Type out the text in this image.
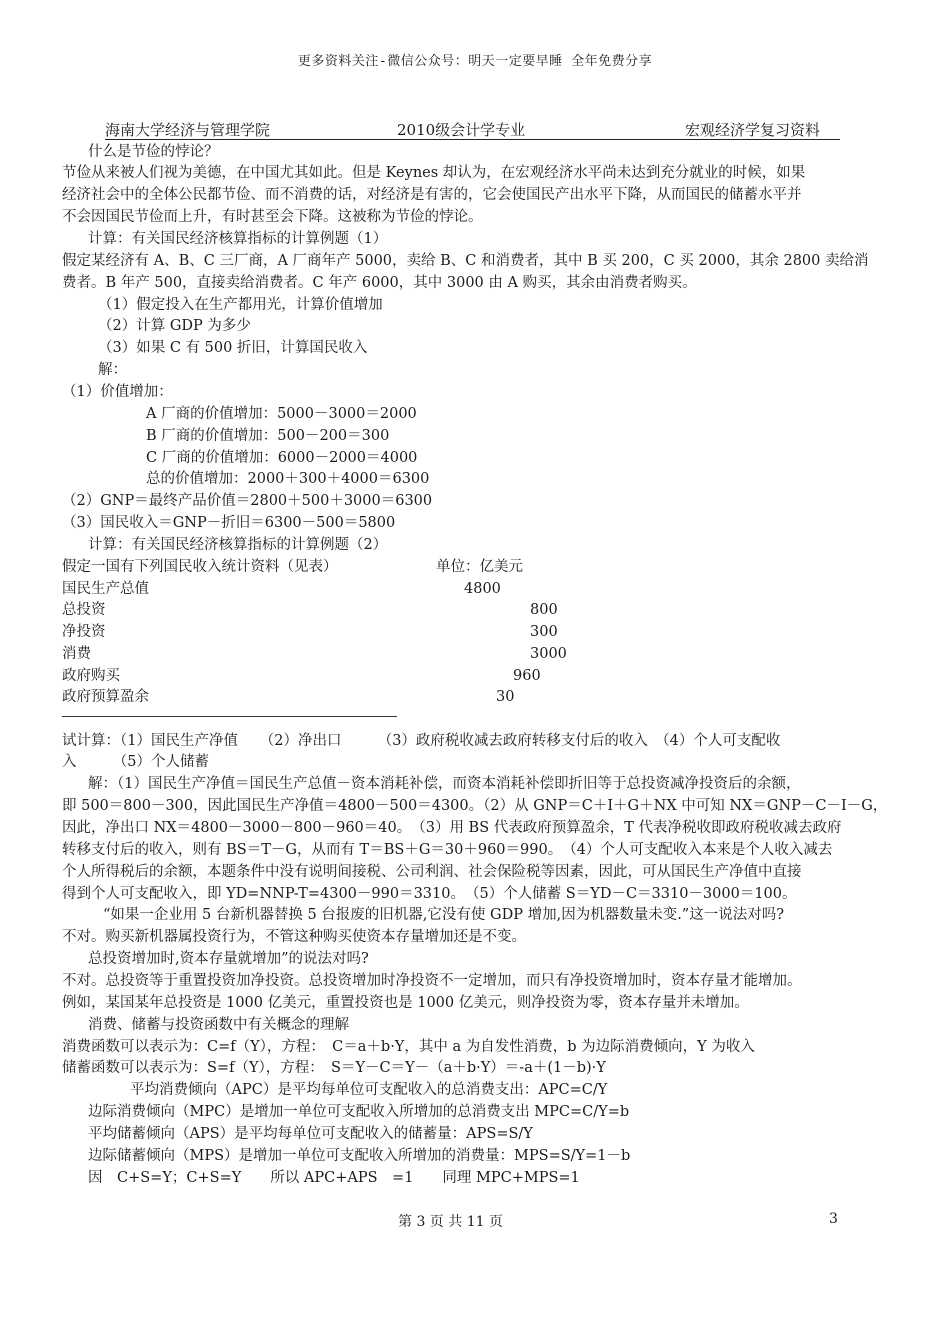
更多资料关注-微信公众号：明天一定要早睡 全年免费分享
海南大学经济与管理学院	2010级会计学专业	宏观经济学复习资料
什么是节俭的悖论？
节俭从来被人们视为美德，在中国尤其如此。但是 Keynes 却认为，在宏观经济水平尚未达到充分就业的时候，如果
经济社会中的全体公民都节俭、而不消费的话，对经济是有害的，它会使国民产出水平下降，从而国民的储蓄水平并
不会因国民节俭而上升，有时甚至会下降。这被称为节俭的悖论。
计算：有关国民经济核算指标的计算例题（1）
假定某经济有 A、B、C 三厂商，A 厂商年产 5000，卖给 B、C 和消费者，其中 B 买 200，C 买 2000，其余 2800 卖给消
费者。B 年产 500，直接卖给消费者。C 年产 6000，其中 3000 由 A 购买，其余由消费者购买。
（1）假定投入在生产都用光，计算价值增加
（2）计算 GDP 为多少
（3）如果 C 有 500 折旧，计算国民收入
解：
（1）价值增加：
A 厂商的价值增加：5000－3000＝2000
B 厂商的价值增加：500－200＝300
C 厂商的价值增加：6000－2000＝4000
总的价值增加：2000＋300＋4000＝6300
（2）GNP＝最终产品价值＝2800＋500＋3000＝6300
（3）国民收入＝GNP－折旧＝6300－500＝5800
计算：有关国民经济核算指标的计算例题（2）
假定一国有下列国民收入统计资料（见表）	单位：亿美元
国民生产总值	4800
总投资	800
净投资	300
消费	3000
政府购买	960
政府预算盈余	30
试计算：（1）国民生产净值　　（2）净出口　　　（3）政府税收减去政府转移支付后的收入　（4）个人可支配收
入　　　（5）个人储蓄
解：（1）国民生产净值＝国民生产总值－资本消耗补偿，而资本消耗补偿即折旧等于总投资减净投资后的余额，
即 500＝800－300，因此国民生产净值＝4800－500＝4300。（2）从 GNP＝C＋I＋G＋NX 中可知 NX＝GNP－C－I－G，
因此，净出口 NX＝4800－3000－800－960＝40。　（3）用 BS 代表政府预算盈余，T 代表净税收即政府税收减去政府
转移支付后的收入，则有 BS＝T－G，从而有 T＝BS＋G＝30＋960＝990。　（4）个人可支配收入本来是个人收入减去
个人所得税后的余额，本题条件中没有说明间接税、公司利润、社会保险税等因素，因此，可从国民生产净值中直接
得到个人可支配收入，即 YD=NNP-T=4300－990＝3310。　（5）个人储蓄 S＝YD－C＝3310－3000＝100。
“如果一企业用 5 台新机器替换 5 台报废的旧机器,它没有使 GDP 增加,因为机器数量未变.”这一说法对吗?
不对。购买新机器属投资行为，不管这种购买使资本存量增加还是不变。
总投资增加时,资本存量就增加”的说法对吗?
不对。总投资等于重置投资加净投资。总投资增加时净投资不一定增加，而只有净投资增加时，资本存量才能增加。
例如，某国某年总投资是 1000 亿美元，重置投资也是 1000 亿美元，则净投资为零，资本存量并未增加。
消费、储蓄与投资函数中有关概念的理解
消费函数可以表示为：C=f（Y），方程：　C＝a＋b·Y，其中 a 为自发性消费，b 为边际消费倾向，Y 为收入
储蓄函数可以表示为：S=f（Y），方程：　S＝Y－C＝Y－（a＋b·Y）＝-a＋(1－b)·Y
平均消费倾向（APC）是平均每单位可支配收入的总消费支出：APC=C/Y
边际消费倾向（MPC）是增加一单位可支配收入所增加的总消费支出 MPC=C/Y=b
平均储蓄倾向（APS）是平均每单位可支配收入的储蓄量：APS=S/Y
边际储蓄倾向（MPS）是增加一单位可支配收入所增加的消费量：MPS=S/Y=1－b
因　C+S=Y；C+S=Y　　所以 APC+APS　=1　　同理 MPC+MPS=1
第 3 页 共 11 页	3
